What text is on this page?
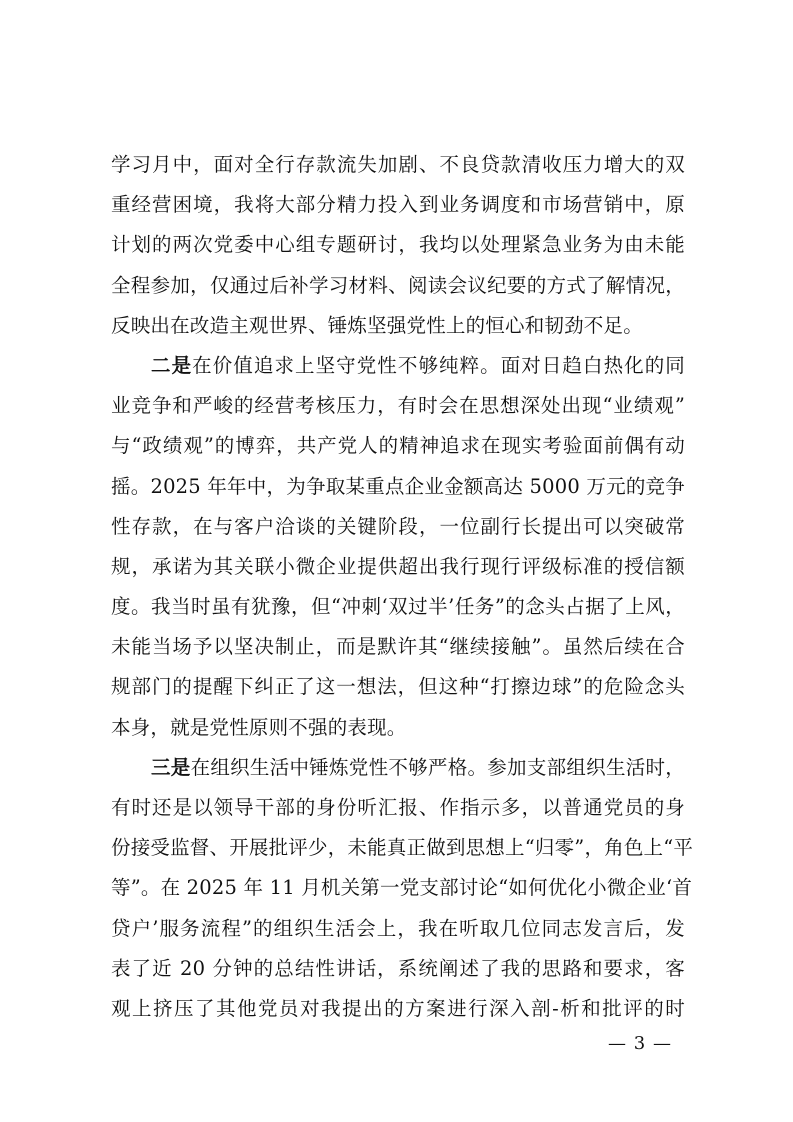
学习月中，面对全行存款流失加剧、不良贷款清收压力增大的双
重经营困境，我将大部分精力投入到业务调度和市场营销中，原
计划的两次党委中心组专题研讨，我均以处理紧急业务为由未能
全程参加，仅通过后补学习材料、阅读会议纪要的方式了解情况，
反映出在改造主观世界、锤炼坚强党性上的恒心和韧劲不足。
二是在价值追求上坚守党性不够纯粹。面对日趋白热化的同
业竞争和严峻的经营考核压力，有时会在思想深处出现“业绩观”
与“政绩观”的博弈，共产党人的精神追求在现实考验面前偶有动
摇。2025 年年中，为争取某重点企业金额高达 5000 万元的竞争
性存款，在与客户洽谈的关键阶段，一位副行长提出可以突破常
规，承诺为其关联小微企业提供超出我行现行评级标准的授信额
度。我当时虽有犹豫，但“冲刺‘双过半’任务”的念头占据了上风，
未能当场予以坚决制止，而是默许其“继续接触”。虽然后续在合
规部门的提醒下纠正了这一想法，但这种“打擦边球”的危险念头
本身，就是党性原则不强的表现。
三是在组织生活中锤炼党性不够严格。参加支部组织生活时，
有时还是以领导干部的身份听汇报、作指示多，以普通党员的身
份接受监督、开展批评少，未能真正做到思想上“归零”，角色上“平
等”。在 2025 年 11 月机关第一党支部讨论“如何优化小微企业‘首
贷户’服务流程”的组织生活会上，我在听取几位同志发言后，发
表了近 20 分钟的总结性讲话，系统阐述了我的思路和要求，客
观上挤压了其他党员对我提出的方案进行深入剖-析和批评的时
— 3 —
